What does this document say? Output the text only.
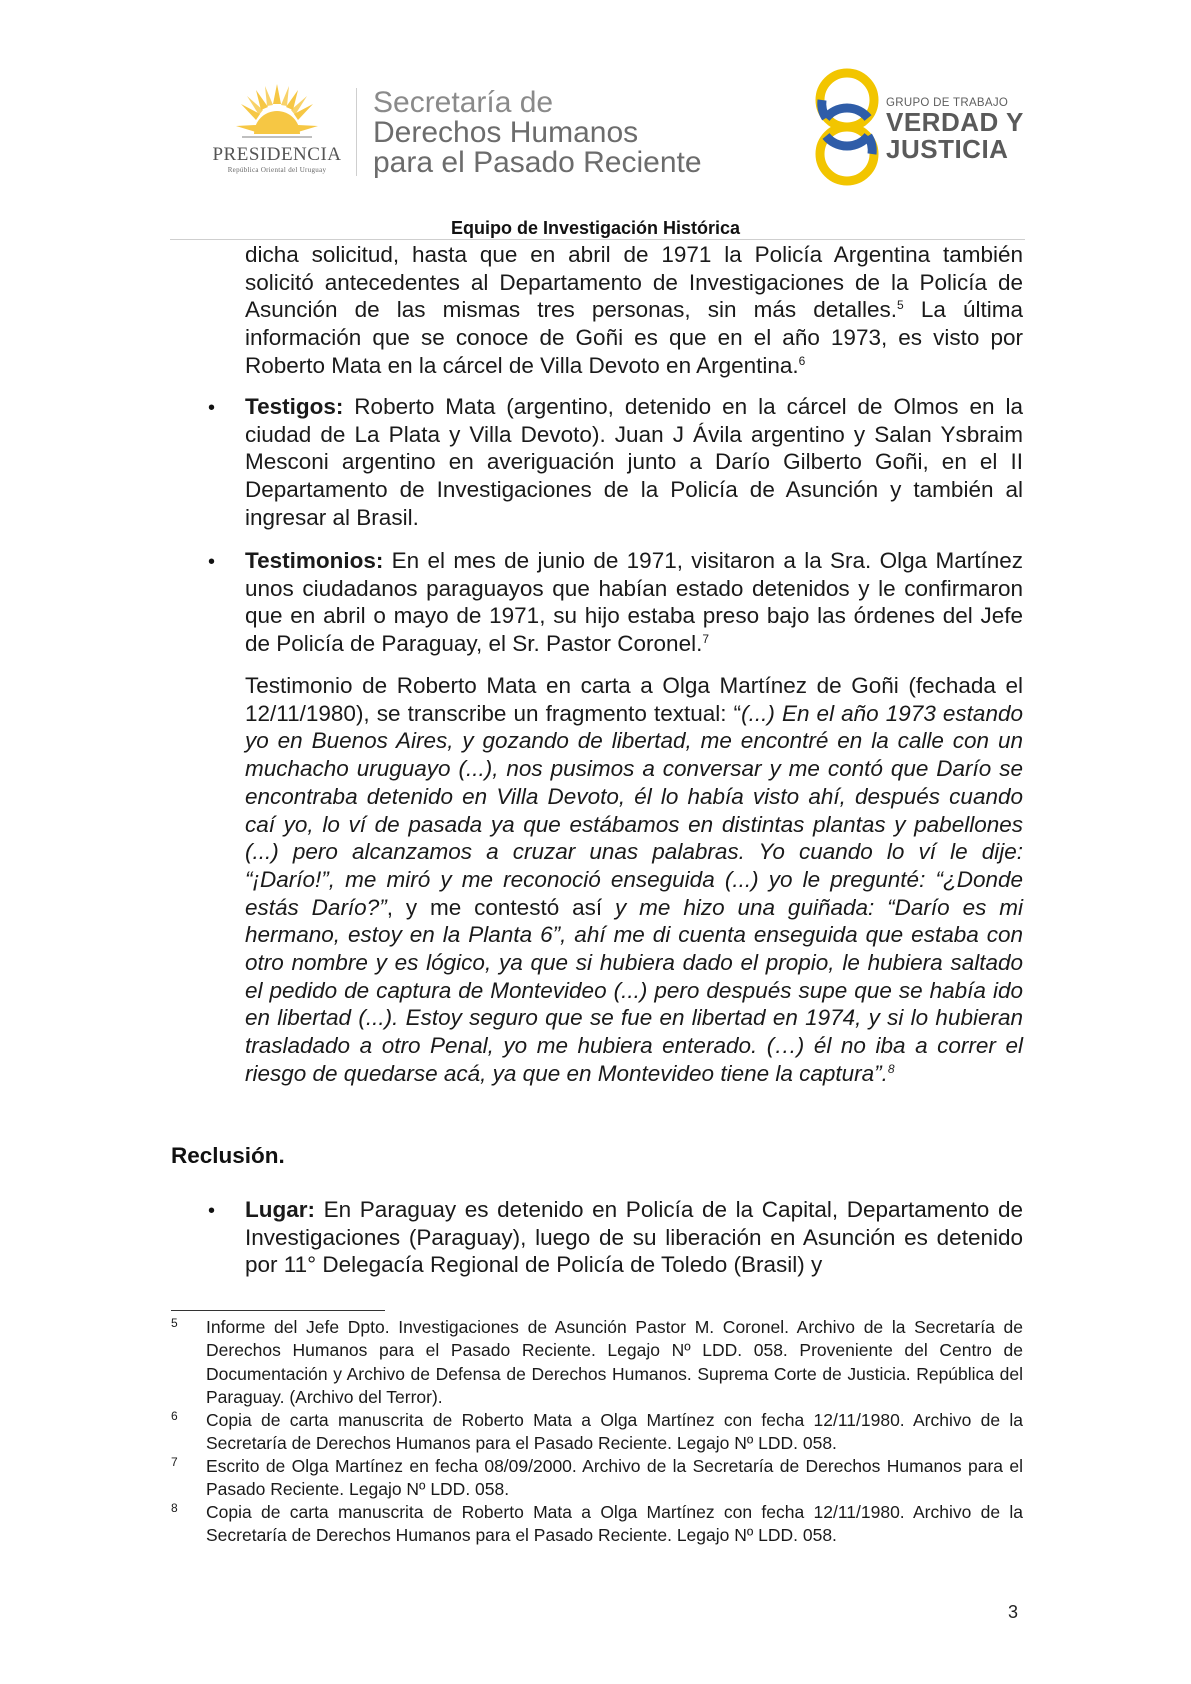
PRESIDENCIA
República Oriental del Uruguay
Secretaría de
Derechos Humanos
para el Pasado Reciente
GRUPO DE TRABAJO
VERDAD Y
JUSTICIA
Equipo de Investigación Histórica
dicha solicitud, hasta que en abril de 1971 la Policía Argentina también solicitó antecedentes al Departamento de Investigaciones de la Policía de Asunción de las mismas tres personas, sin más detalles.$^5$ La última información que se conoce de Goñi es que en el año 1973, es visto por Roberto Mata en la cárcel de Villa Devoto en Argentina.$^6$
• Testigos: Roberto Mata (argentino, detenido en la cárcel de Olmos en la ciudad de La Plata y Villa Devoto). Juan J Ávila argentino y Salan Ysbraim Mesconi argentino en averiguación junto a Darío Gilberto Goñi, en el II Departamento de Investigaciones de la Policía de Asunción y también al ingresar al Brasil.
• Testimonios: En el mes de junio de 1971, visitaron a la Sra. Olga Martínez unos ciudadanos paraguayos que habían estado detenidos y le confirmaron que en abril o mayo de 1971, su hijo estaba preso bajo las órdenes del Jefe de Policía de Paraguay, el Sr. Pastor Coronel.$^7$
Testimonio de Roberto Mata en carta a Olga Martínez de Goñi (fechada el 12/11/1980), se transcribe un fragmento textual: “(...) En el año 1973 estando yo en Buenos Aires, y gozando de libertad, me encontré en la calle con un muchacho uruguayo (...), nos pusimos a conversar y me contó que Darío se encontraba detenido en Villa Devoto, él lo había visto ahí, después cuando caí yo, lo ví de pasada ya que estábamos en distintas plantas y pabellones (...) pero alcanzamos a cruzar unas palabras. Yo cuando lo ví le dije: “¡Darío!”, me miró y me reconoció enseguida (...) yo le pregunté: “¿Donde estás Darío?”, y me contestó así y me hizo una guiñada: “Darío es mi hermano, estoy en la Planta 6”, ahí me di cuenta enseguida que estaba con otro nombre y es lógico, ya que si hubiera dado el propio, le hubiera saltado el pedido de captura de Montevideo (...) pero después supe que se había ido en libertad (...). Estoy seguro que se fue en libertad en 1974, y si lo hubieran trasladado a otro Penal, yo me hubiera enterado. (…) él no iba a correr el riesgo de quedarse acá, ya que en Montevideo tiene la captura”.$^8$
Reclusión.
• Lugar: En Paraguay es detenido en Policía de la Capital, Departamento de Investigaciones (Paraguay), luego de su liberación en Asunción es detenido por 11° Delegacía Regional de Policía de Toledo (Brasil) y
5 Informe del Jefe Dpto. Investigaciones de Asunción Pastor M. Coronel. Archivo de la Secretaría de Derechos Humanos para el Pasado Reciente. Legajo Nº LDD. 058. Proveniente del Centro de Documentación y Archivo de Defensa de Derechos Humanos. Suprema Corte de Justicia. República del Paraguay. (Archivo del Terror).
6 Copia de carta manuscrita de Roberto Mata a Olga Martínez con fecha 12/11/1980. Archivo de la Secretaría de Derechos Humanos para el Pasado Reciente. Legajo Nº LDD. 058.
7 Escrito de Olga Martínez en fecha 08/09/2000. Archivo de la Secretaría de Derechos Humanos para el Pasado Reciente. Legajo Nº LDD. 058.
8 Copia de carta manuscrita de Roberto Mata a Olga Martínez con fecha 12/11/1980. Archivo de la Secretaría de Derechos Humanos para el Pasado Reciente. Legajo Nº LDD. 058.
3
